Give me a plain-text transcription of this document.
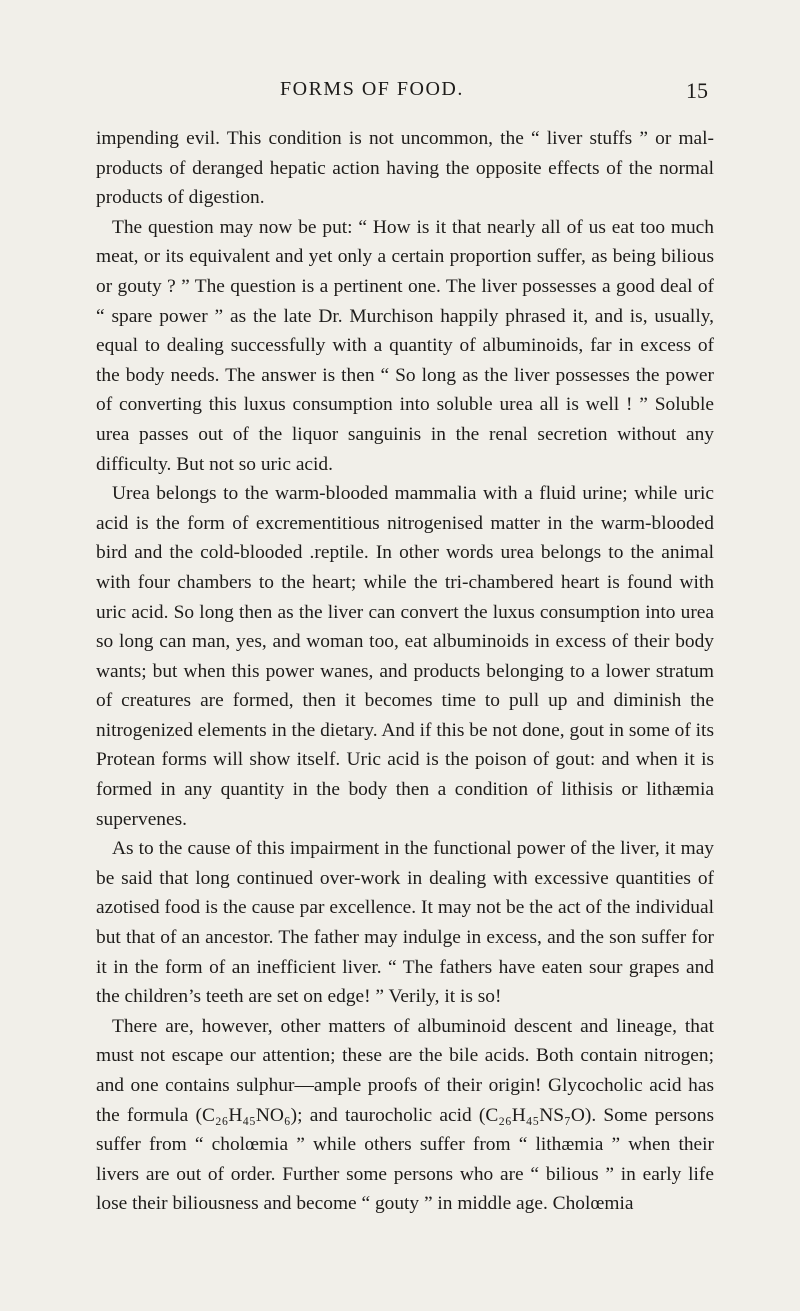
FORMS OF FOOD.	15

impending evil. This condition is not uncommon, the “ liver stuffs ” or mal-products of deranged hepatic action having the opposite effects of the normal products of digestion.

The question may now be put: “ How is it that nearly all of us eat too much meat, or its equivalent and yet only a certain proportion suffer, as being bilious or gouty ? ” The question is a pertinent one. The liver possesses a good deal of “ spare power ” as the late Dr. Murchison happily phrased it, and is, usually, equal to dealing successfully with a quantity of albuminoids, far in excess of the body needs. The answer is then “ So long as the liver possesses the power of converting this luxus consumption into soluble urea all is well ! ” Soluble urea passes out of the liquor sanguinis in the renal secretion without any difficulty. But not so uric acid.

Urea belongs to the warm-blooded mammalia with a fluid urine; while uric acid is the form of excrementitious nitrogenised matter in the warm-blooded bird and the cold-blooded .reptile. In other words urea belongs to the animal with four chambers to the heart; while the tri-chambered heart is found with uric acid. So long then as the liver can convert the luxus consumption into urea so long can man, yes, and woman too, eat albuminoids in excess of their body wants; but when this power wanes, and products belonging to a lower stratum of creatures are formed, then it becomes time to pull up and diminish the nitrogenized elements in the dietary. And if this be not done, gout in some of its Protean forms will show itself. Uric acid is the poison of gout: and when it is formed in any quantity in the body then a condition of lithisis or lithæmia supervenes.

As to the cause of this impairment in the functional power of the liver, it may be said that long continued over-work in dealing with excessive quantities of azotised food is the cause par excellence. It may not be the act of the individual but that of an ancestor. The father may indulge in excess, and the son suffer for it in the form of an inefficient liver. “ The fathers have eaten sour grapes and the children’s teeth are set on edge! ” Verily, it is so!

There are, however, other matters of albuminoid descent and lineage, that must not escape our attention; these are the bile acids. Both contain nitrogen; and one contains sulphur—ample proofs of their origin! Glycocholic acid has the formula (C₂₆H₄₅NO₆); and taurocholic acid (C₂₆H₄₅NS₇O). Some persons suffer from “ cholœmia ” while others suffer from “ lithæmia ” when their livers are out of order. Further some persons who are “ bilious ” in early life lose their biliousness and become “ gouty ” in middle age. Cholœmia
